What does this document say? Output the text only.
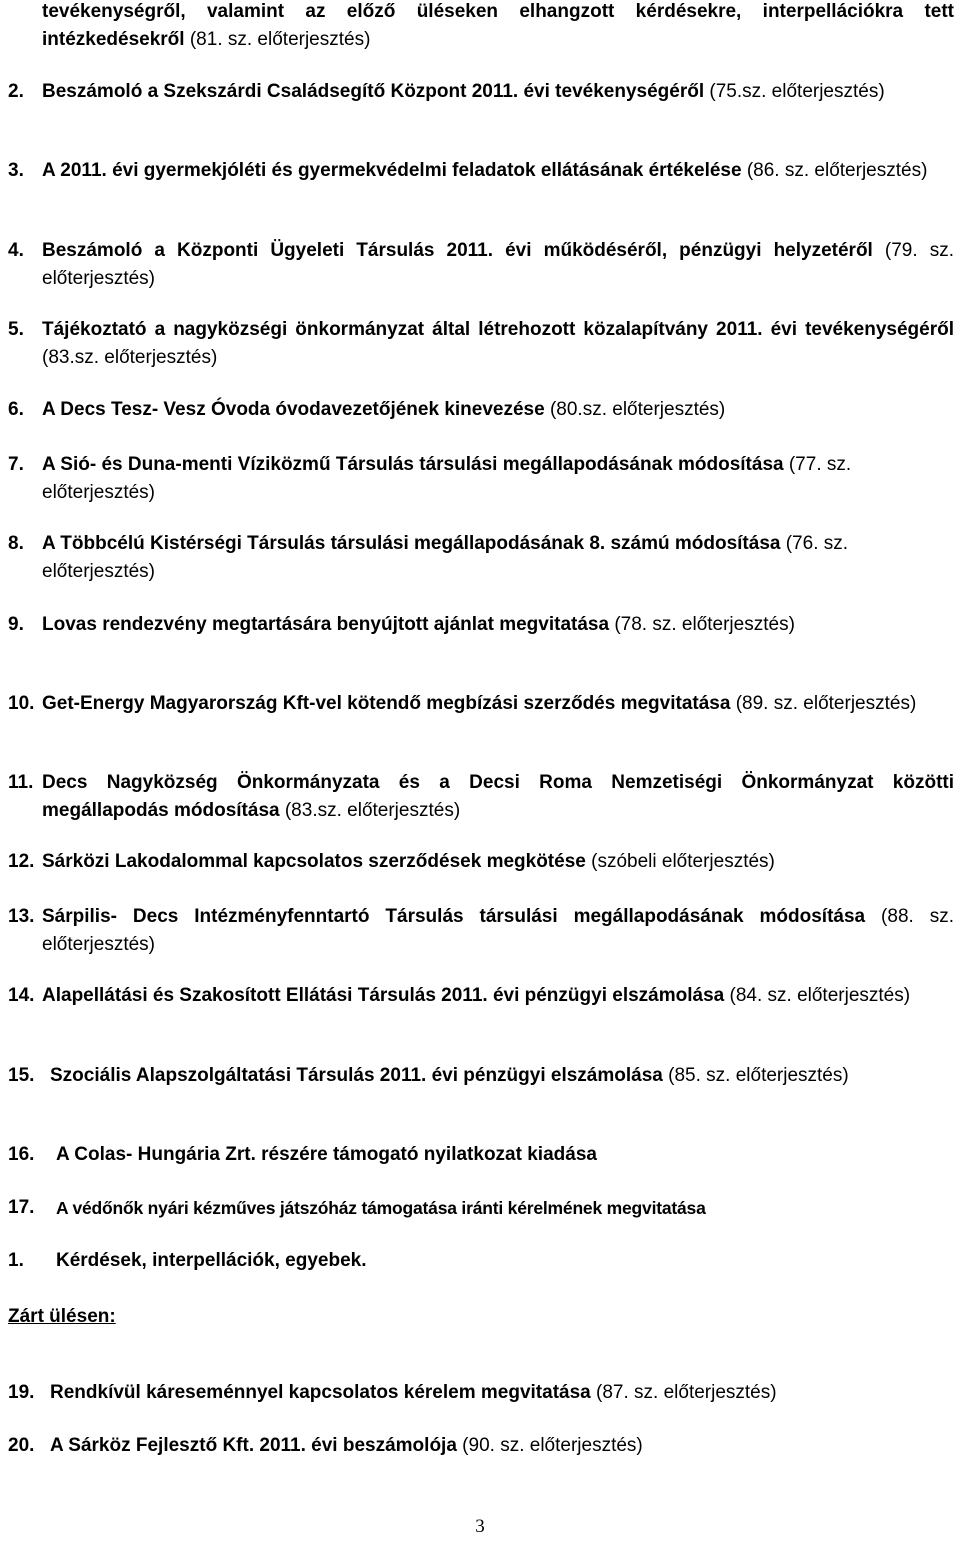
tevékenységről, valamint az előző üléseken elhangzott kérdésekre, interpellációkra tett intézkedésekről (81. sz. előterjesztés)
2. Beszámoló a Szekszárdi Családsegítő Központ 2011. évi tevékenységéről (75.sz. előterjesztés)
3. A 2011. évi gyermekjóléti és gyermekvédelmi feladatok ellátásának értékelése (86. sz. előterjesztés)
4. Beszámoló a Központi Ügyeleti Társulás 2011. évi működéséről, pénzügyi helyzetéről (79. sz. előterjesztés)
5. Tájékoztató a nagyközségi önkormányzat által létrehozott közalapítvány 2011. évi tevékenységéről (83.sz. előterjesztés)
6. A Decs Tesz- Vesz Óvoda óvodavezetőjének kinevezése (80.sz. előterjesztés)
7. A Sió- és Duna-menti Víziközmű Társulás társulási megállapodásának módosítása (77. sz. előterjesztés)
8. A Többcélú Kistérségi Társulás társulási megállapodásának 8. számú módosítása (76. sz. előterjesztés)
9. Lovas rendezvény megtartására benyújtott ajánlat megvitatása (78. sz. előterjesztés)
10. Get-Energy Magyarország Kft-vel kötendő megbízási szerződés megvitatása (89. sz. előterjesztés)
11. Decs Nagyközség Önkormányzata és a Decsi Roma Nemzetiségi Önkormányzat közötti megállapodás módosítása (83.sz. előterjesztés)
12. Sárközi Lakodalommal kapcsolatos szerződések megkötése (szóbeli előterjesztés)
13. Sárpilis- Decs Intézményfenntartó Társulás társulási megállapodásának módosítása (88. sz. előterjesztés)
14. Alapellátási és Szakosított Ellátási Társulás 2011. évi pénzügyi elszámolása (84. sz. előterjesztés)
15. Szociális Alapszolgáltatási Társulás 2011. évi pénzügyi elszámolása (85. sz. előterjesztés)
16.	A Colas- Hungária Zrt. részére támogató nyilatkozat kiadása
17.	A védőnők nyári kézműves játszóház támogatása iránti kérelmének megvitatása
1.	Kérdések, interpellációk, egyebek.
Zárt ülésen:
19. Rendkívül káreseménnyel kapcsolatos kérelem megvitatása (87. sz. előterjesztés)
20. A Sárköz Fejlesztő Kft. 2011. évi beszámolója (90. sz. előterjesztés)
3
